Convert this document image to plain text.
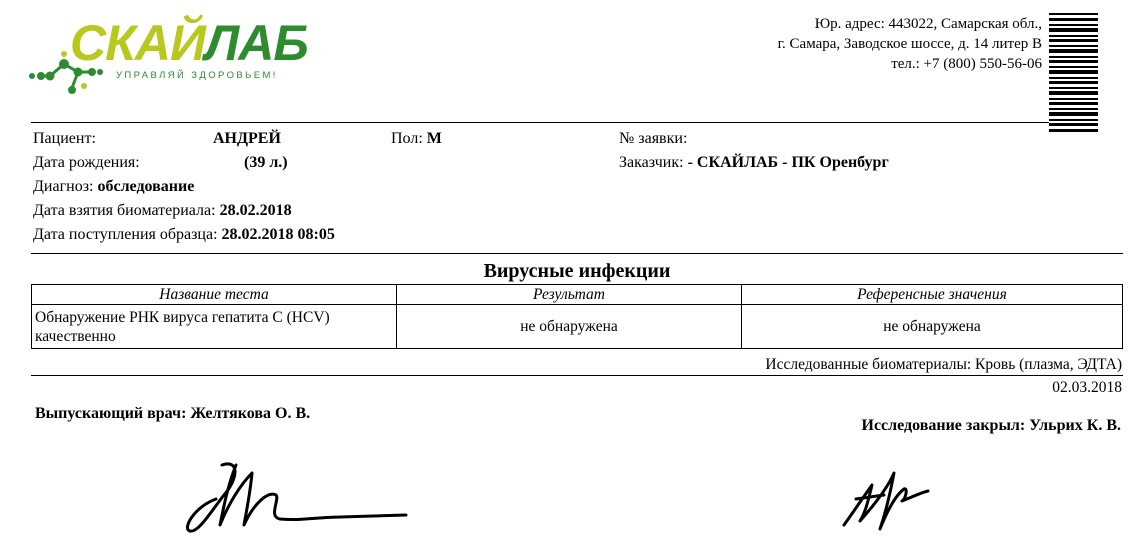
СКАЙЛАБ
УПРАВЛЯЙ ЗДОРОВЬЕМ!
Юр. адрес: 443022, Самарская обл.,
г. Самара, Заводское шоссе, д. 14 литер В
тел.: +7 (800) 550-56-06
Пациент:	АНДРЕЙ	Пол: М	№ заявки:
Дата рождения:	(39 л.)	Заказчик: - СКАЙЛАБ - ПК Оренбург
Диагноз: обследование
Дата взятия биоматериала: 28.02.2018
Дата поступления образца: 28.02.2018 08:05
Вирусные инфекции
Название теста	Результат	Референсные значения

Обнаружение РНК вируса гепатита С (HCV)
качественно	не обнаружена	не обнаружена
Исследованные биоматериалы: Кровь (плазма, ЭДТА)
02.03.2018
Выпускающий врач: Желтякова О. В.
Исследование закрыл: Ульрих К. В.
